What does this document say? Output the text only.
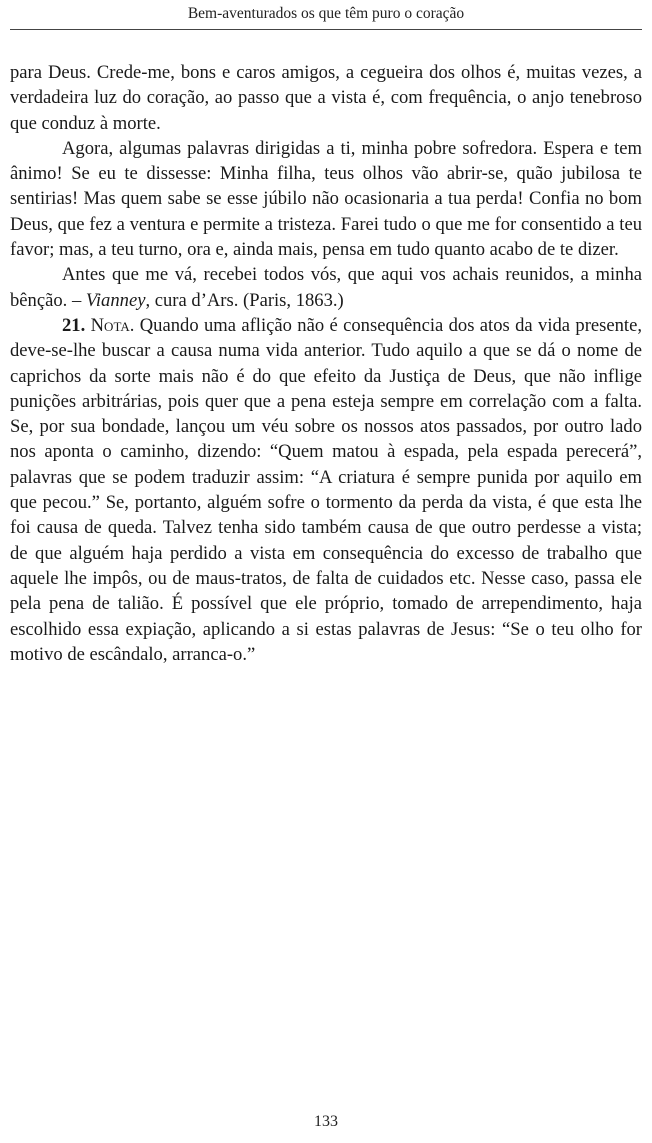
Bem-aventurados os que têm puro o coração

para Deus. Crede-me, bons e caros amigos, a cegueira dos olhos é, muitas vezes, a verdadeira luz do coração, ao passo que a vista é, com frequência, o anjo tenebroso que conduz à morte.

Agora, algumas palavras dirigidas a ti, minha pobre sofredora. Espera e tem ânimo! Se eu te dissesse: Minha filha, teus olhos vão abrir-se, quão jubilosa te sentirias! Mas quem sabe se esse júbilo não ocasionaria a tua perda! Confia no bom Deus, que fez a ventura e permite a tristeza. Farei tudo o que me for consentido a teu favor; mas, a teu turno, ora e, ainda mais, pensa em tudo quanto acabo de te dizer.

Antes que me vá, recebei todos vós, que aqui vos achais reunidos, a minha bênção. – Vianney, cura d’Ars. (Paris, 1863.)

21. Nota. Quando uma aflição não é consequência dos atos da vida presente, deve-se-lhe buscar a causa numa vida anterior. Tudo aquilo a que se dá o nome de caprichos da sorte mais não é do que efeito da Justiça de Deus, que não inflige punições arbitrárias, pois quer que a pena esteja sempre em correlação com a falta. Se, por sua bondade, lançou um véu sobre os nossos atos passados, por outro lado nos aponta o caminho, dizendo: “Quem matou à espada, pela espada perecerá”, palavras que se podem traduzir assim: “A criatura é sempre punida por aquilo em que pecou.” Se, portanto, alguém sofre o tormento da perda da vista, é que esta lhe foi causa de queda. Talvez tenha sido também causa de que outro perdesse a vista; de que alguém haja perdido a vista em consequência do excesso de trabalho que aquele lhe impôs, ou de maus-tratos, de falta de cuidados etc. Nesse caso, passa ele pela pena de talião. É possível que ele próprio, tomado de arrependimento, haja escolhido essa expiação, aplicando a si estas palavras de Jesus: “Se o teu olho for motivo de escândalo, arranca-o.”

133
